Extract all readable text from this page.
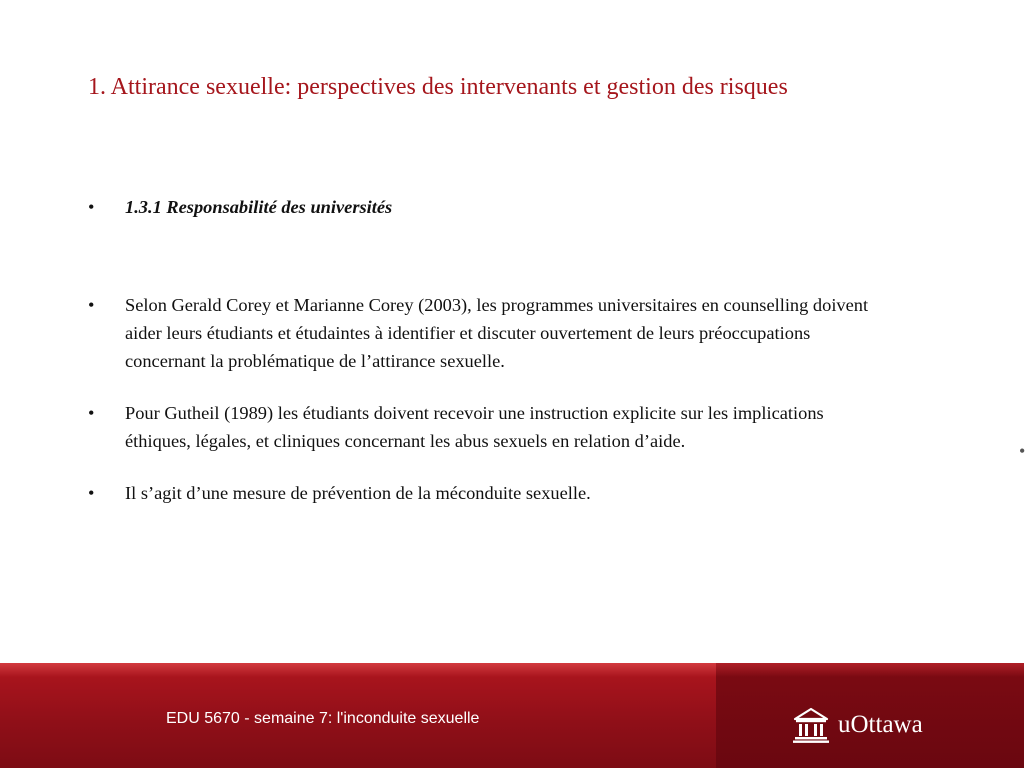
1. Attirance sexuelle: perspectives des intervenants et gestion des risques
• 1.3.1 Responsabilité des universités
• Selon Gerald Corey et Marianne Corey (2003), les programmes universitaires en counselling doivent aider leurs étudiants et étudaintes à identifier et discuter ouvertement de leurs préoccupations concernant la problématique de l’attirance sexuelle.
• Pour Gutheil (1989) les étudiants doivent recevoir une instruction explicite sur les implications éthiques, légales, et cliniques concernant les abus sexuels en relation d’aide.
• Il s’agit d’une mesure de prévention de la méconduite sexuelle.
•
EDU 5670 - semaine 7: l'inconduite sexuelle	uOttawa
